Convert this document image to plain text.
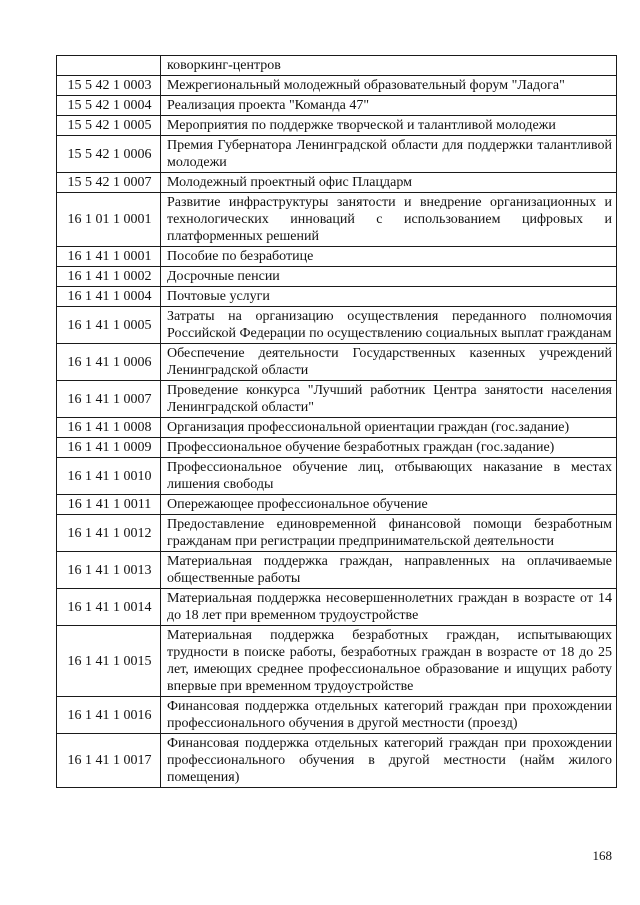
	коворкинг-центров
15 5 42 1 0003	Межрегиональный молодежный образовательный форум "Ладога"
15 5 42 1 0004	Реализация проекта "Команда 47"
15 5 42 1 0005	Мероприятия по поддержке творческой и талантливой молодежи
15 5 42 1 0006	Премия Губернатора Ленинградской области для поддержки талантливой молодежи
15 5 42 1 0007	Молодежный проектный офис Плацдарм
16 1 01 1 0001	Развитие инфраструктуры занятости и внедрение организационных и технологических инноваций с использованием цифровых и платформенных решений
16 1 41 1 0001	Пособие по безработице
16 1 41 1 0002	Досрочные пенсии
16 1 41 1 0004	Почтовые услуги
16 1 41 1 0005	Затраты на организацию осуществления переданного полномочия Российской Федерации по осуществлению социальных выплат гражданам
16 1 41 1 0006	Обеспечение деятельности Государственных казенных учреждений Ленинградской области
16 1 41 1 0007	Проведение конкурса "Лучший работник Центра занятости населения Ленинградской области"
16 1 41 1 0008	Организация профессиональной ориентации граждан (гос.задание)
16 1 41 1 0009	Профессиональное обучение безработных граждан (гос.задание)
16 1 41 1 0010	Профессиональное обучение лиц, отбывающих наказание в местах лишения свободы
16 1 41 1 0011	Опережающее профессиональное обучение
16 1 41 1 0012	Предоставление единовременной финансовой помощи безработным гражданам при регистрации предпринимательской деятельности
16 1 41 1 0013	Материальная поддержка граждан, направленных на оплачиваемые общественные работы
16 1 41 1 0014	Материальная поддержка несовершеннолетних граждан в возрасте от 14 до 18 лет при временном трудоустройстве
16 1 41 1 0015	Материальная поддержка безработных граждан, испытывающих трудности в поиске работы, безработных граждан в возрасте от 18 до 25 лет, имеющих среднее профессиональное образование и ищущих работу впервые при временном трудоустройстве
16 1 41 1 0016	Финансовая поддержка отдельных категорий граждан при прохождении профессионального обучения в другой местности (проезд)
16 1 41 1 0017	Финансовая поддержка отдельных категорий граждан при прохождении профессионального обучения в другой местности (найм жилого помещения)
168
